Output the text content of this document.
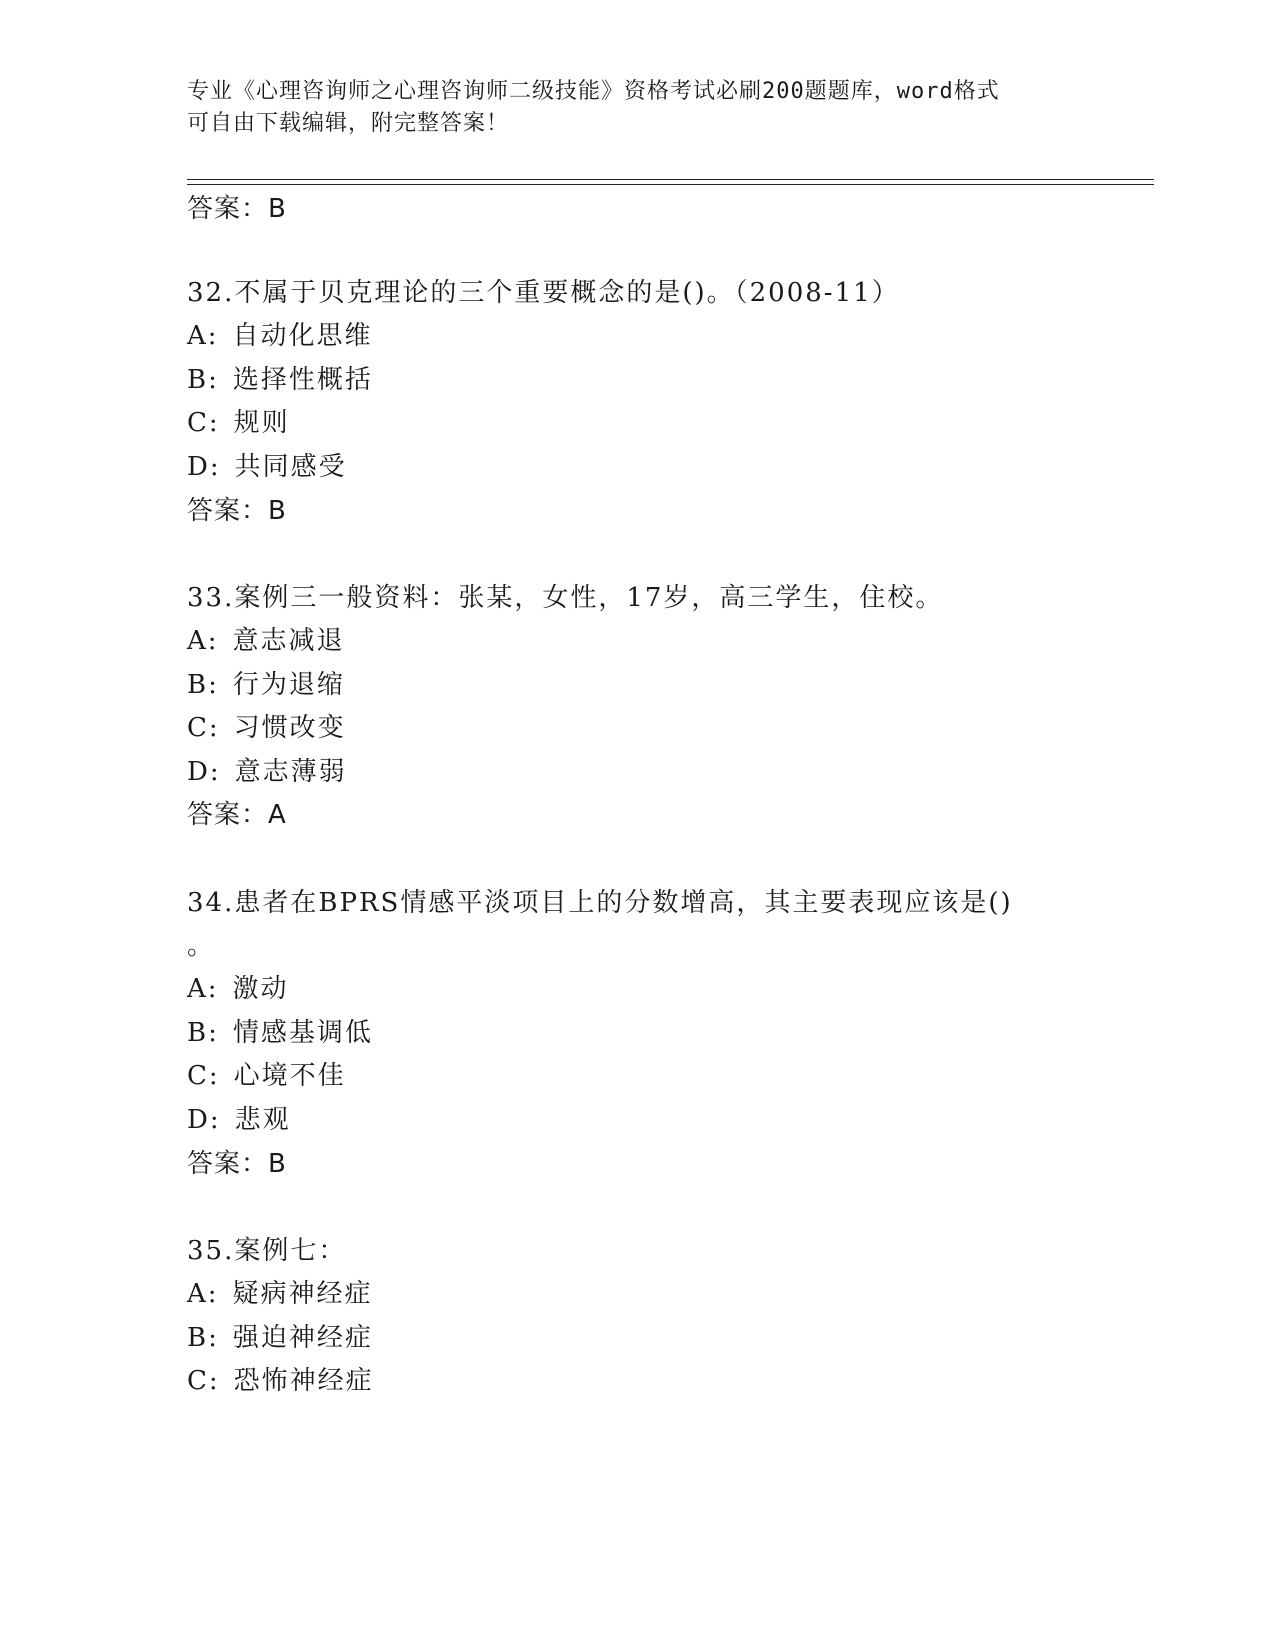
专业《心理咨询师之心理咨询师二级技能》资格考试必刷200题题库，word格式
可自由下载编辑，附完整答案！
答案：B
32.不属于贝克理论的三个重要概念的是()。（2008-11）
A: 自动化思维
B: 选择性概括
C: 规则
D: 共同感受
答案：B
33.案例三一般资料：张某，女性，17岁，高三学生，住校。
A: 意志减退
B: 行为退缩
C: 习惯改变
D: 意志薄弱
答案：A
34.患者在BPRS情感平淡项目上的分数增高，其主要表现应该是()
。
A: 激动
B: 情感基调低
C: 心境不佳
D: 悲观
答案：B
35.案例七：
A: 疑病神经症
B: 强迫神经症
C: 恐怖神经症
